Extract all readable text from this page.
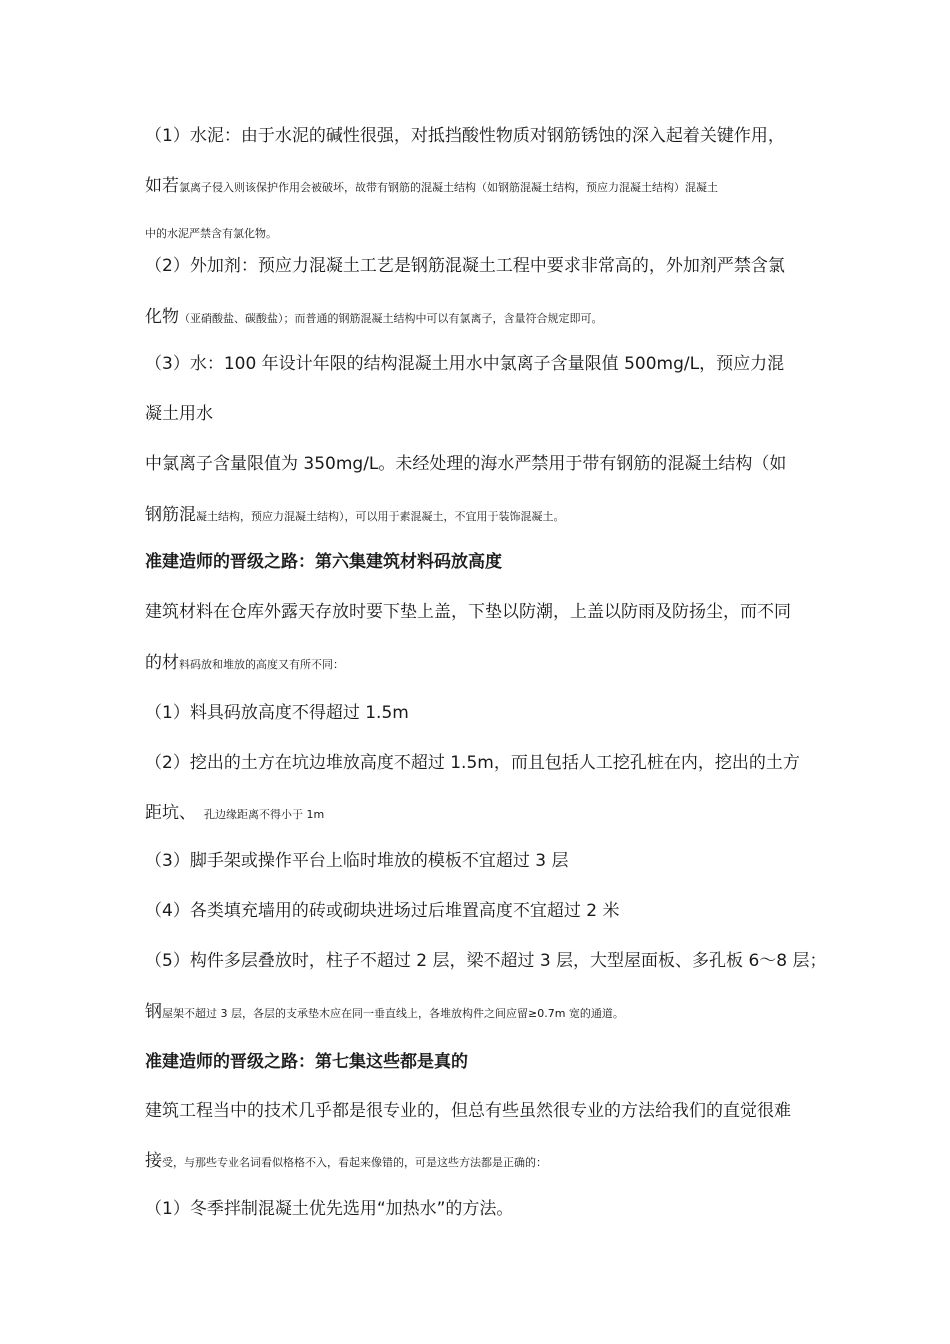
（1）水泥：由于水泥的碱性很强，对抵挡酸性物质对钢筋锈蚀的深入起着关键作用，
如若氯离子侵入则该保护作用会被破坏，故带有钢筋的混凝土结构（如钢筋混凝土结构，预应力混凝土结构）混凝土
中的水泥严禁含有氯化物。
（2）外加剂：预应力混凝土工艺是钢筋混凝土工程中要求非常高的，外加剂严禁含氯
化物（亚硝酸盐、碳酸盐）；而普通的钢筋混凝土结构中可以有氯离子，含量符合规定即可。
（3）水：100 年设计年限的结构混凝土用水中氯离子含量限值 500mg/L，预应力混
凝土用水
中氯离子含量限值为 350mg/L。未经处理的海水严禁用于带有钢筋的混凝土结构（如
钢筋混凝土结构，预应力混凝土结构），可以用于素混凝土，不宜用于装饰混凝土。
准建造师的晋级之路：第六集建筑材料码放高度
建筑材料在仓库外露天存放时要下垫上盖，下垫以防潮，上盖以防雨及防扬尘，而不同
的材料码放和堆放的高度又有所不同：
（1）料具码放高度不得超过 1.5m
（2）挖出的土方在坑边堆放高度不超过 1.5m，而且包括人工挖孔桩在内，挖出的土方
距坑、 孔边缘距离不得小于 1m
（3）脚手架或操作平台上临时堆放的模板不宜超过 3 层
（4）各类填充墙用的砖或砌块进场过后堆置高度不宜超过 2 米
（5）构件多层叠放时，柱子不超过 2 层，梁不超过 3 层，大型屋面板、多孔板 6～8 层；
钢屋架不超过 3 层，各层的支承垫木应在同一垂直线上，各堆放构件之间应留≥0.7m 宽的通道。
准建造师的晋级之路：第七集这些都是真的
建筑工程当中的技术几乎都是很专业的，但总有些虽然很专业的方法给我们的直觉很难
接受，与那些专业名词看似格格不入，看起来像错的，可是这些方法都是正确的：
（1）冬季拌制混凝土优先选用“加热水”的方法。
